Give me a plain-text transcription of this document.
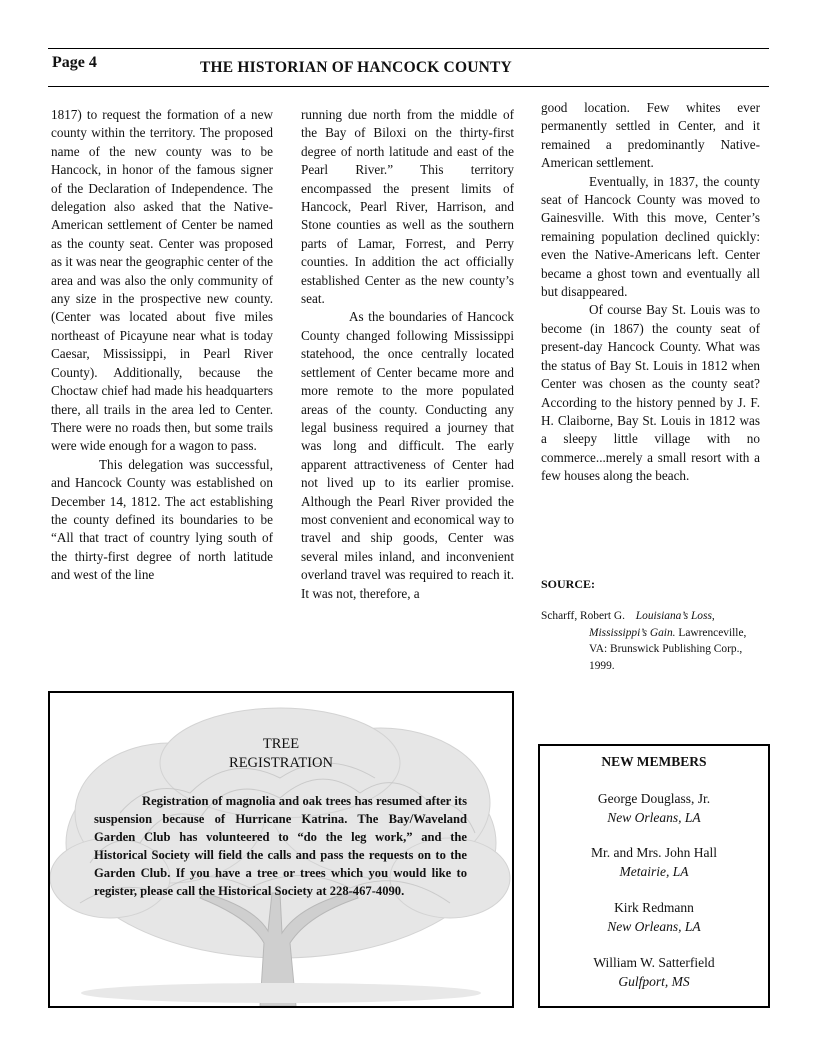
Page 4	THE HISTORIAN OF HANCOCK COUNTY

1817) to request the formation of a new county within the territory. The proposed name of the new county was to be Hancock, in honor of the famous signer of the Declaration of Independence. The delegation also asked that the Native-American settlement of Center be named as the county seat. Center was proposed as it was near the geographic center of the area and was also the only community of any size in the prospective new county. (Center was located about five miles northeast of Picayune near what is today Caesar, Mississippi, in Pearl River County). Additionally, because the Choctaw chief had made his headquarters there, all trails in the area led to Center. There were no roads then, but some trails were wide enough for a wagon to pass.

This delegation was successful, and Hancock County was established on December 14, 1812. The act establishing the county defined its boundaries to be “All that tract of country lying south of the thirty-first degree of north latitude and west of the line

running due north from the middle of the Bay of Biloxi on the thirty-first degree of north latitude and east of the Pearl River.” This territory encompassed the present limits of Hancock, Pearl River, Harrison, and Stone counties as well as the southern parts of Lamar, Forrest, and Perry counties. In addition the act officially established Center as the new county’s seat.

As the boundaries of Hancock County changed following Mississippi statehood, the once centrally located settlement of Center became more and more remote to the more populated areas of the county. Conducting any legal business required a journey that was long and difficult. The early apparent attractiveness of Center had not lived up to its earlier promise. Although the Pearl River provided the most convenient and economical way to travel and ship goods, Center was several miles inland, and inconvenient overland travel was required to reach it. It was not, therefore, a

good location. Few whites ever permanently settled in Center, and it remained a predominantly Native-American settlement.

Eventually, in 1837, the county seat of Hancock County was moved to Gainesville. With this move, Center’s remaining population declined quickly: even the Native-Americans left. Center became a ghost town and eventually all but disappeared.

Of course Bay St. Louis was to become (in 1867) the county seat of present-day Hancock County. What was the status of Bay St. Louis in 1812 when Center was chosen as the county seat? According to the history penned by J. F. H. Claiborne, Bay St. Louis in 1812 was a sleepy little village with no commerce...merely a small resort with a few houses along the beach.

SOURCE:

Scharff, Robert G. Louisiana’s Loss, Mississippi’s Gain. Lawrenceville, VA: Brunswick Publishing Corp., 1999.

TREE
REGISTRATION

Registration of magnolia and oak trees has resumed after its suspension because of Hurricane Katrina. The Bay/Waveland Garden Club has volunteered to “do the leg work,” and the Historical Society will field the calls and pass the requests on to the Garden Club. If you have a tree or trees which you would like to register, please call the Historical Society at 228-467-4090.

NEW MEMBERS
George Douglass, Jr.
New Orleans, LA
Mr. and Mrs. John Hall
Metairie, LA
Kirk Redmann
New Orleans, LA
William W. Satterfield
Gulfport, MS
